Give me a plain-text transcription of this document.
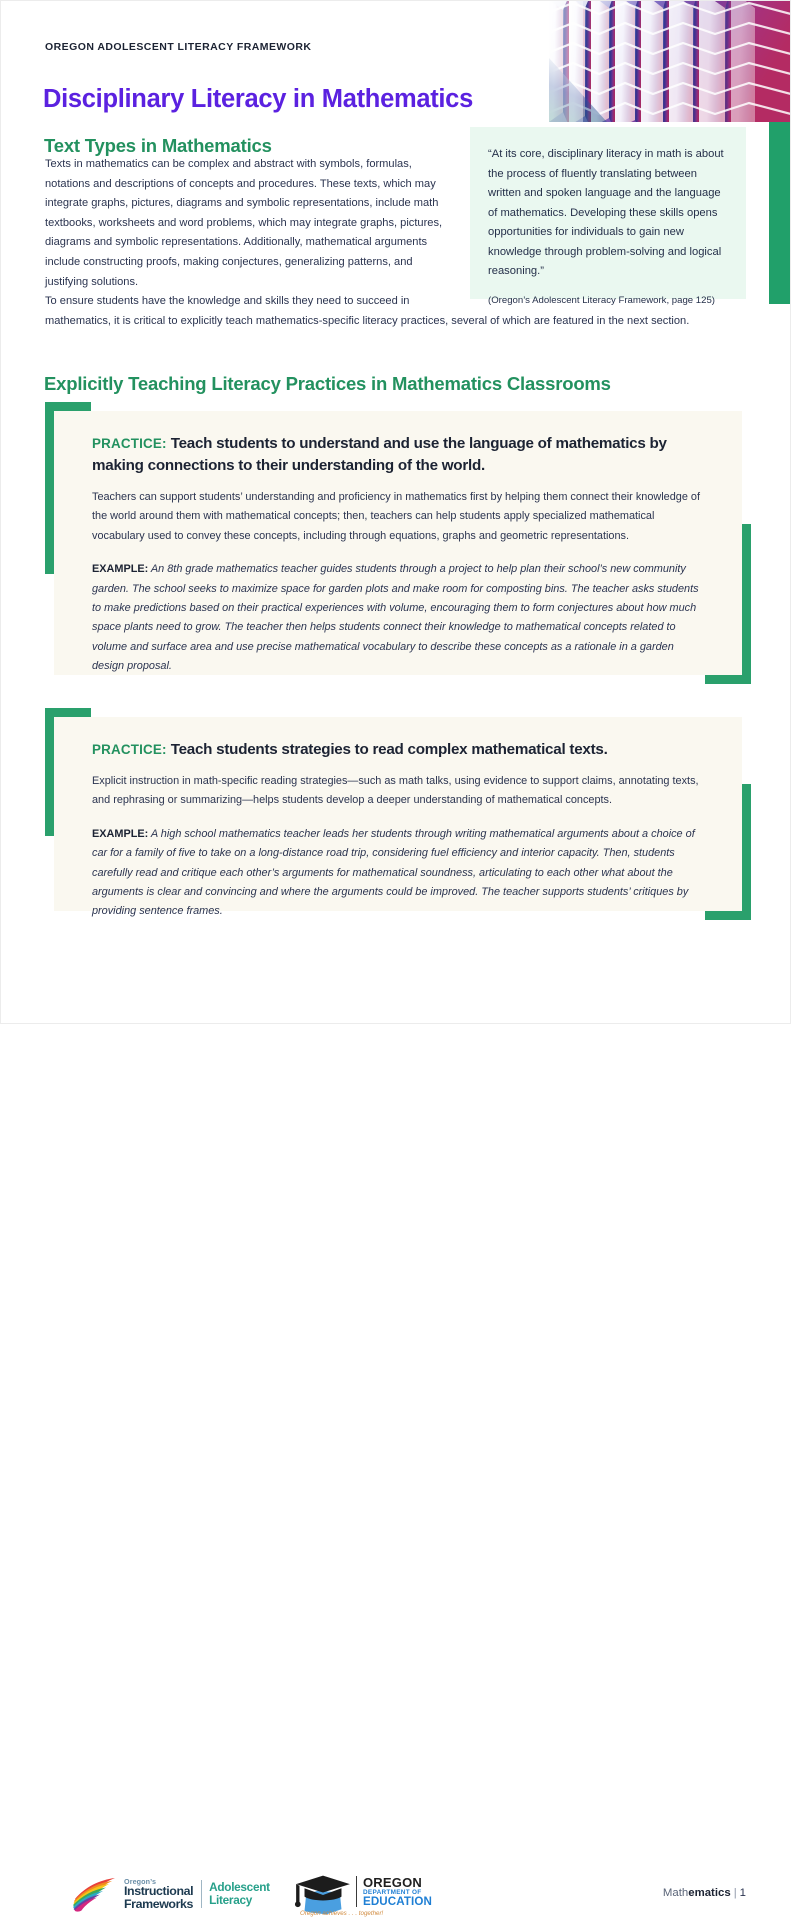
OREGON ADOLESCENT LITERACY FRAMEWORK
Disciplinary Literacy in Mathematics
Text Types in Mathematics	“At its core, disciplinary literacy in math is about the process of fluently translating between written and spoken language and the language of mathematics. Developing these skills opens opportunities for individuals to gain new knowledge through problem-solving and logical reasoning.”
(Oregon’s Adolescent Literacy Framework, page 125)

Texts in mathematics can be complex and abstract with symbols, formulas, notations and descriptions of concepts and procedures. These texts, which may integrate graphs, pictures, diagrams and symbolic representations, include math textbooks, worksheets and word problems, which may integrate graphs, pictures, diagrams and symbolic representations. Additionally, mathematical arguments include constructing proofs, making conjectures, generalizing patterns, and justifying solutions.

To ensure students have the knowledge and skills they need to succeed in
mathematics, it is critical to explicitly teach mathematics-specific literacy practices, several of which are featured in the next section.

Explicitly Teaching Literacy Practices in Mathematics Classrooms

PRACTICE: Teach students to understand and use the language of mathematics by making connections to their understanding of the world.

Teachers can support students’ understanding and proficiency in mathematics first by helping them connect their knowledge of the world around them with mathematical concepts; then, teachers can help students apply specialized mathematical vocabulary used to convey these concepts, including through equations, graphs and geometric representations.

EXAMPLE: An 8th grade mathematics teacher guides students through a project to help plan their school’s new community garden. The school seeks to maximize space for garden plots and make room for composting bins. The teacher asks students to make predictions based on their practical experiences with volume, encouraging them to form conjectures about how much space plants need to grow. The teacher then helps students connect their knowledge to mathematical concepts related to volume and surface area and use precise mathematical vocabulary to describe these concepts as a rationale in a garden design proposal.

PRACTICE: Teach students strategies to read complex mathematical texts.

Explicit instruction in math-specific reading strategies—such as math talks, using evidence to support claims, annotating texts, and rephrasing or summarizing—helps students develop a deeper understanding of mathematical concepts.

EXAMPLE: A high school mathematics teacher leads her students through writing mathematical arguments about a choice of car for a family of five to take on a long-distance road trip, considering fuel efficiency and interior capacity. Then, students carefully read and critique each other’s arguments for mathematical soundness, articulating to each other what about the arguments is clear and convincing and where the arguments could be improved. The teacher supports students’ critiques by providing sentence frames.

Oregon’s
Instructional
Frameworks
Adolescent
Literacy
OREGON
DEPARTMENT OF
EDUCATION
Oregon achieves . . . together!
Mathematics | 1
